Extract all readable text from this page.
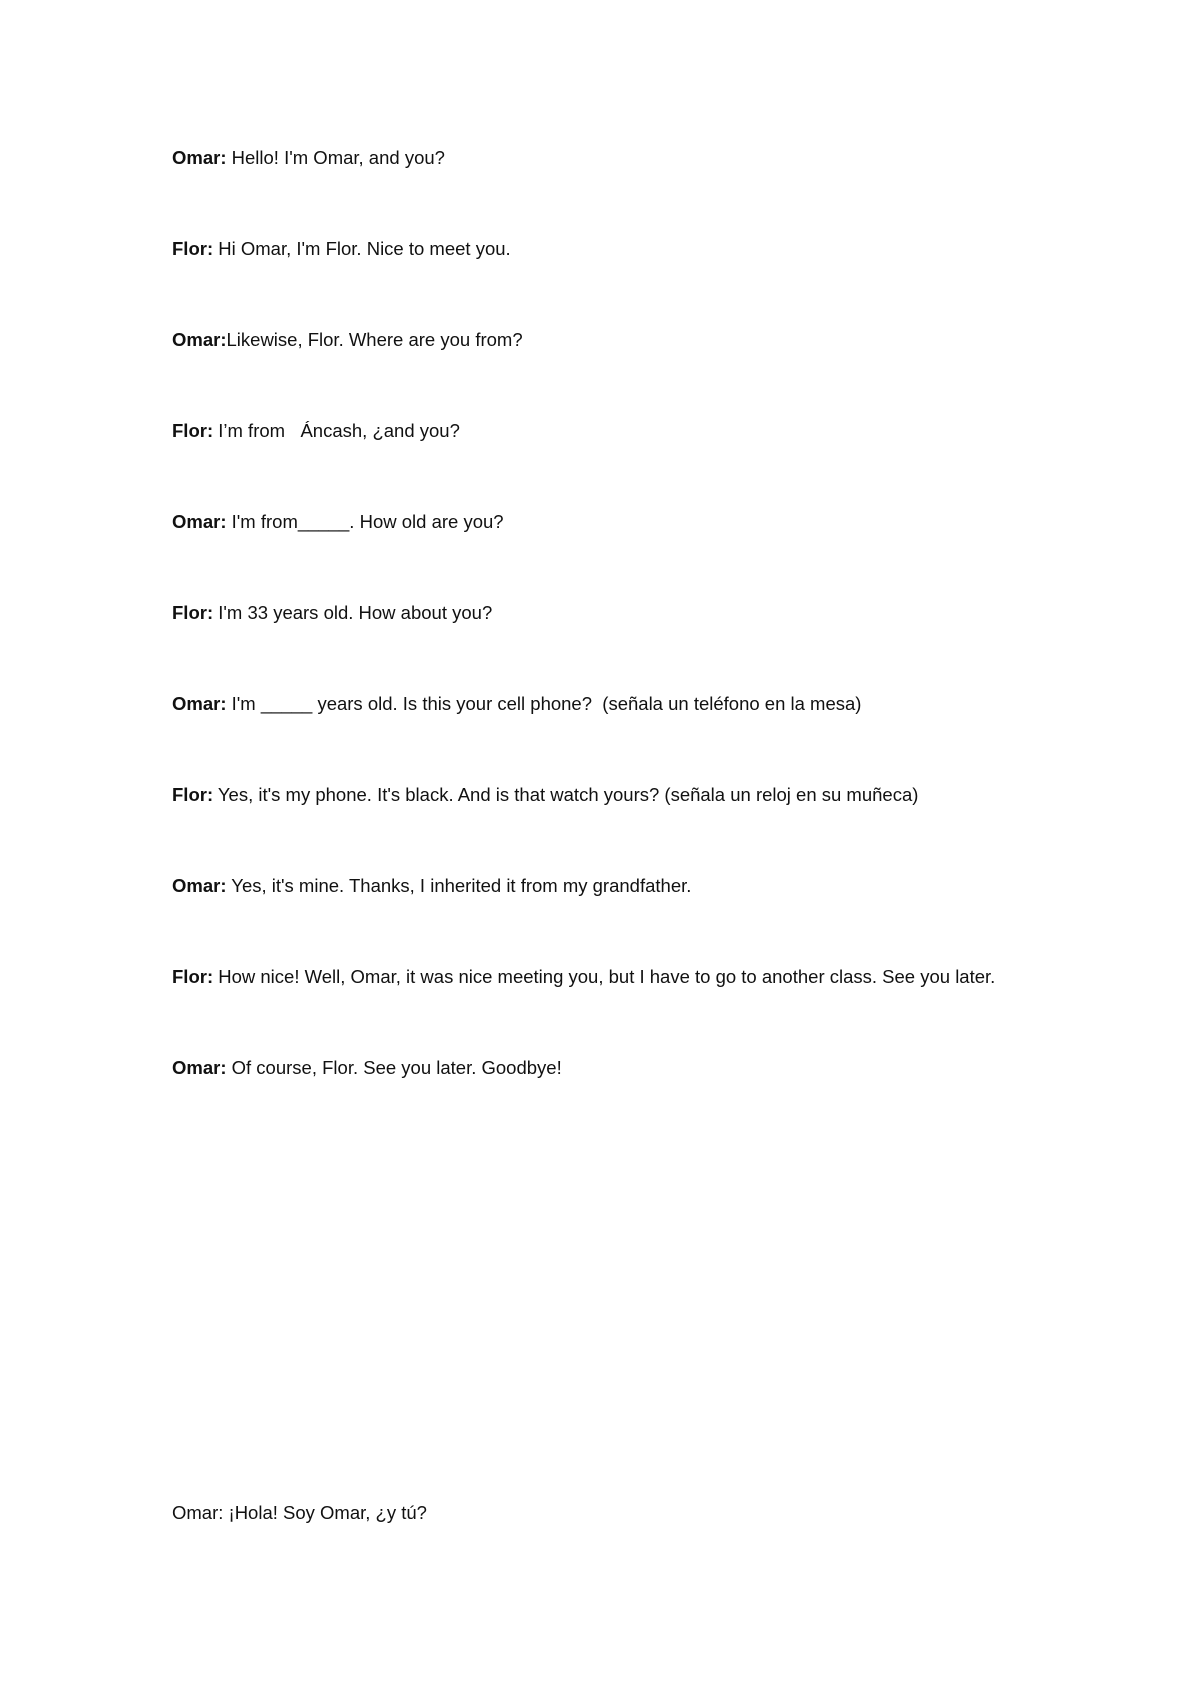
Omar: Hello! I'm Omar, and you?

Flor: Hi Omar, I'm Flor. Nice to meet you.

Omar:Likewise, Flor. Where are you from?

Flor: I’m from   Áncash, ¿and you?

Omar: I'm from_____. How old are you?

Flor: I'm 33 years old. How about you?

Omar: I'm _____ years old. Is this your cell phone?  (señala un teléfono en la mesa)

Flor: Yes, it's my phone. It's black. And is that watch yours? (señala un reloj en su muñeca)

Omar: Yes, it's mine. Thanks, I inherited it from my grandfather.

Flor: How nice! Well, Omar, it was nice meeting you, but I have to go to another class. See you later.

Omar: Of course, Flor. See you later. Goodbye!

Omar: ¡Hola! Soy Omar, ¿y tú?
